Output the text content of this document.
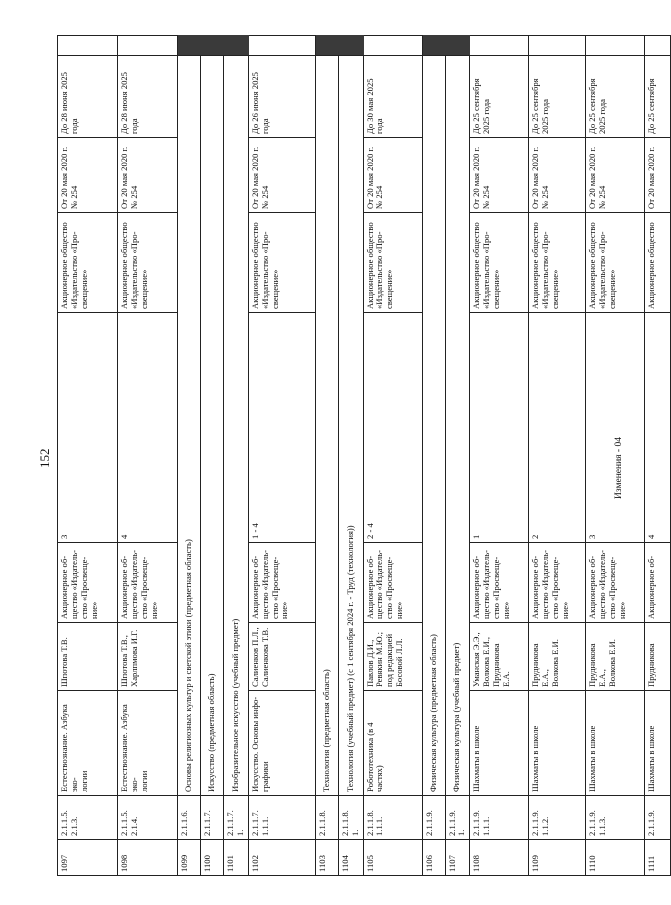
152	Изменения - 04
1097	2.1.1.5.
2.1.3.	Естествознание. Азбука эко-
логии	Шпотова Т.В.	Акционерное об-
щество «Издатель-
ство «Просвеще-
ние»	3	Акционерное общество
«Издательство «Про-
свещение»	От 20 мая 2020 г.
№ 254	До 28 июня 2025
года	
1098	2.1.1.5.
2.1.4.	Естествознание. Азбука эко-
логии	Шпотова Т.В.,
Харлпмова И.Г.	Акционерное об-
щество «Издатель-
ство «Просвеще-
ние»	4	Акционерное общество
«Издательство «Про-
свещение»	От 20 мая 2020 г.
№ 254	До 28 июня 2025
года	
1099	2.1.1.6.	Основы религиозных культур и светской этики (предметная область)							
1100	2.1.1.7.	Искусство (предметная область)							
1101	2.1.1.7.
1.	Изобразительное искусство (учебный предмет)							
1102	2.1.1.7.
1.1.1.	Искусство. Основы инфо-
графики	Салиенков П.Л.,
Салиенкова Т.В.	Акционерное об-
щество «Издатель-
ство «Просвеще-
ние»	1 - 4	Акционерное общество
«Издательство «Про-
свещение»	От 20 мая 2020 г.
№ 254	До 26 июня 2025
года	
1103	2.1.1.8.	Технология (предметная область)							
1104	2.1.1.8.
1.	Технология (учебный предмет) (с 1 сентября 2024 г. - Труд (технология))							
1105	2.1.1.8.
1.1.1.	Робототехника (в 4 частях)	Павлов Д.И.,
Ревякин М.Ю.;
под редакцией
Босовой Л.Л.	Акционерное об-
щество «Издатель-
ство «Просвеще-
ние»	2 - 4	Акционерное общество
«Издательство «Про-
свещение»	От 20 мая 2020 г.
№ 254	До 30 мая 2025
года	
1106	2.1.1.9.	Физическая культура (предметная область)							
1107	2.1.1.9.
1.	Физическая культура (учебный предмет)							
1108	2.1.1.9.
1.1.1.	Шахматы в школе	Уманская Э.Э.,
Волкова Е.И.,
Прудникова
Е.А.	Акционерное об-
щество «Издатель-
ство «Просвеще-
ние»	1	Акционерное общество
«Издательство «Про-
свещение»	От 20 мая 2020 г.
№ 254	До 25 сентября
2025 года	
1109	2.1.1.9.
1.1.2.	Шахматы в школе	Прудникова
Е.А.,
Волкова Е.И.	Акционерное об-
щество «Издатель-
ство «Просвеще-
ние»	2	Акционерное общество
«Издательство «Про-
свещение»	От 20 мая 2020 г.
№ 254	До 25 сентября
2025 года	
1110	2.1.1.9.
1.1.3.	Шахматы в школе	Прудникова
Е.А.,
Волкова Е.И.	Акционерное об-
щество «Издатель-
ство «Просвеще-
ние»	3	Акционерное общество
«Издательство «Про-
свещение»	От 20 мая 2020 г.
№ 254	До 25 сентября
2025 года	
1111	2.1.1.9.	Шахматы в школе	Прудникова	Акционерное об-	4	Акционерное общество	От 20 мая 2020 г.	До 25 сентября	
